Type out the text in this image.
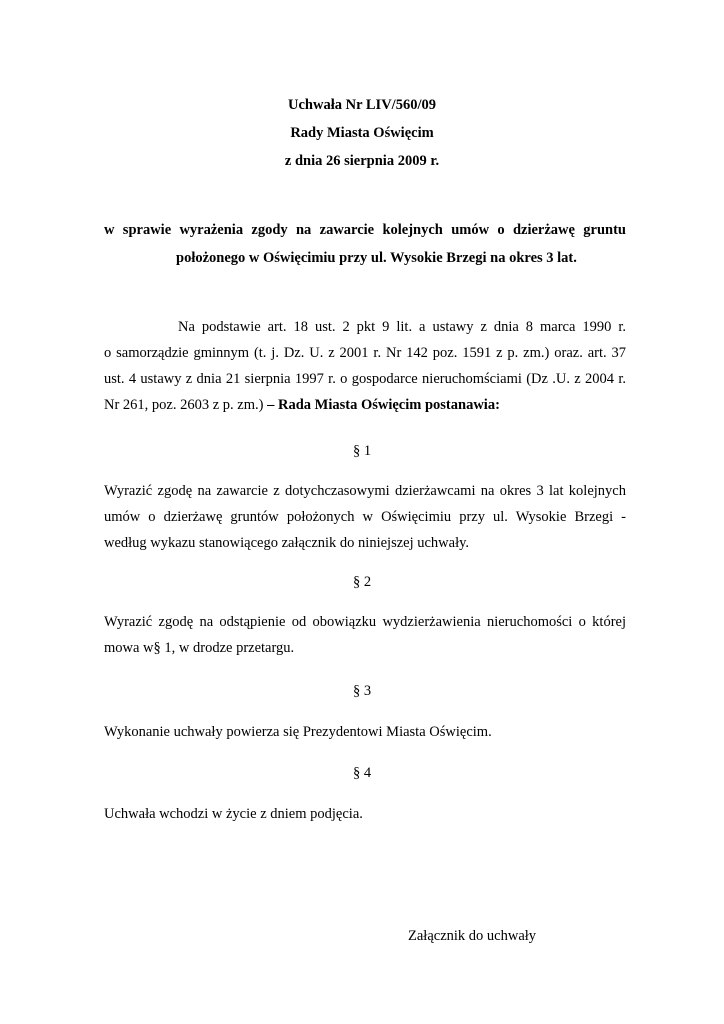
Uchwała Nr LIV/560/09
Rady Miasta Oświęcim
z dnia 26 sierpnia 2009 r.
w sprawie wyrażenia zgody na zawarcie kolejnych umów o dzierżawę gruntu
położonego w Oświęcimiu przy ul. Wysokie Brzegi na okres 3 lat.
Na podstawie art. 18 ust. 2 pkt 9 lit. a ustawy z dnia 8 marca 1990 r.
o samorządzie gminnym (t. j. Dz. U. z 2001 r. Nr 142 poz. 1591 z p. zm.) oraz. art. 37
ust. 4 ustawy z dnia 21 sierpnia 1997 r. o gospodarce nieruchomściami (Dz .U. z 2004 r.
Nr 261, poz. 2603 z p. zm.) – Rada Miasta Oświęcim postanawia:
§ 1
Wyrazić zgodę na zawarcie z dotychczasowymi dzierżawcami na okres 3 lat kolejnych
umów o dzierżawę gruntów położonych w Oświęcimiu przy ul. Wysokie Brzegi -
według wykazu stanowiącego załącznik do niniejszej uchwały.
§ 2
Wyrazić zgodę na odstąpienie od obowiązku wydzierżawienia nieruchomości o której
mowa w§ 1, w drodze przetargu.
§ 3
Wykonanie uchwały powierza się Prezydentowi Miasta Oświęcim.
§ 4
Uchwała wchodzi w życie z dniem podjęcia.
Załącznik do uchwały
